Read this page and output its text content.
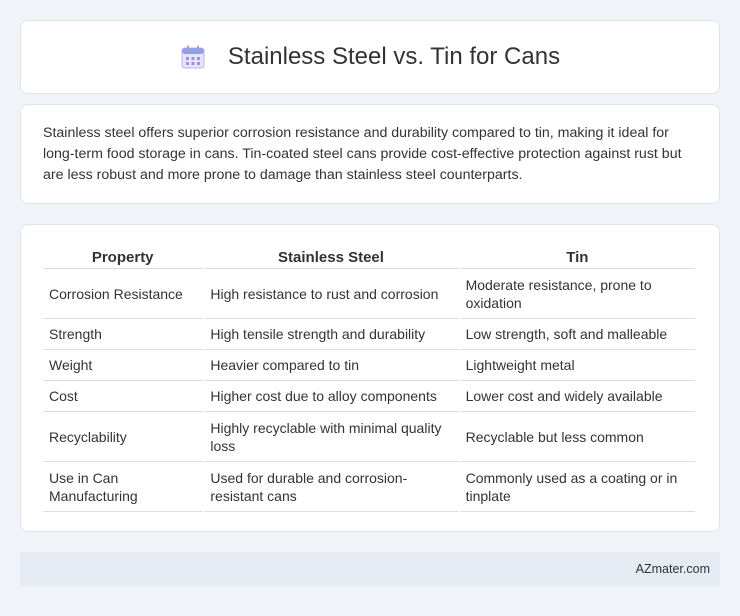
Stainless Steel vs. Tin for Cans

Stainless steel offers superior corrosion resistance and durability compared to tin, making it ideal for long-term food storage in cans. Tin-coated steel cans provide cost-effective protection against rust but are less robust and more prone to damage than stainless steel counterparts.

Property	Stainless Steel	Tin
Corrosion Resistance	High resistance to rust and corrosion	Moderate resistance, prone to oxidation
Strength	High tensile strength and durability	Low strength, soft and malleable
Weight	Heavier compared to tin	Lightweight metal
Cost	Higher cost due to alloy components	Lower cost and widely available
Recyclability	Highly recyclable with minimal quality loss	Recyclable but less common
Use in Can Manufacturing	Used for durable and corrosion-resistant cans	Commonly used as a coating or in tinplate
AZmater.com
